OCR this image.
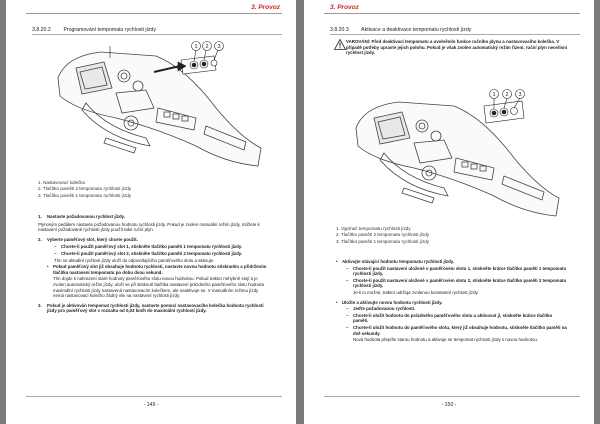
3. Provoz
3.8.20.2 Programování tempomatu rychlosti jízdy
1 2 3
1. Nastavovací kolečko
2. Tlačítko paměti 2 tempomatu rychlosti jízdy
3. Tlačítko paměti 1 tempomatu rychlosti jízdy
1.	Nastavte požadovanou rychlost jízdy.

Plynovým pedálem nastavte požadovanou hodnotu rychlosti jízdy. Pokud je zvolen manuální režim jízdy, můžete k nastavení požadované rychlosti jízdy použít také ruční plyn.

2.	Vyberte paměťový slot, který chcete použít.
–	Chcete-li použít paměťový slot 1, stiskněte tlačítko paměti 1 tempomatu rychlosti jízdy.
–	Chcete-li použít paměťový slot 2, stiskněte tlačítko paměti 2 tempomatu rychlosti jízdy.
Tím se aktuální rychlost jízdy uloží do odpovídajícího paměťového slotu a aktivuje.
•	Pokud paměťový slot již obsahuje hodnotu rychlosti, nastavte novou hodnotu stisknutím a přidržením tlačítka nastavení tempomatu po dobu dvou sekund.

Tím dojde k nahrazení staré hodnoty paměťového slotu novou hodnotou. Pokud traktor nehybně stojí a je zvolen automatický režim jízdy, uloží se při stisknutí tlačítka nastavení prázdného paměťového slotu hodnota maximální rychlosti jízdy nastavená nastavovacím kolečkem, ale neaktivuje se. V manuálním režimu jízdy nemá nastavovací kolečko žádný vliv na nastavení rychlosti jízdy.

3.	Pokud je aktivován tempomat rychlosti jízdy, nastavte pomocí nastavovacího kolečka hodnotu rychlosti jízdy pro paměťový slot v rozsahu od 0,03 km/h do maximální rychlosti jízdy.
- 149 -
3. Provoz
3.8.20.3 Aktivace a deaktivace tempomatu rychlosti jízdy
VAROVÁNÍ: Před deaktivací tempomatu a uvolněním funkce ručního plynu a nastavovacího kolečka. V případě potřeby upravte jejich polohu. Pokud je však zvolen automatický režim řízení, ruční plyn neovlivní rychlost jízdy.
1 2 3
1. Vypínač tempomatu rychlosti jízdy
2. Tlačítko paměti 2 tempomatu rychlosti jízdy
3. Tlačítko paměti 1 tempomatu rychlosti jízdy
•	Aktivujte stávající hodnotu tempomatu rychlosti jízdy.
–	Chcete-li použít nastavení uložené v paměťovém slotu 1, stiskněte krátce tlačítko paměti 1 tempomatu rychlosti jízdy.
–	Chcete-li použít nastavení uložené v paměťovém slotu 2, stiskněte krátce tlačítko paměti 2 tempomatu rychlosti jízdy.

Je-li to možné, traktor udržuje zvolenou konstantní rychlost jízdy.

•	Uložte a aktivujte novou hodnotu rychlosti jízdy.
–	Jeďte požadovanou rychlostí.
–	Chcete-li uložit hodnotu do prázdného paměťového slotu a aktivovat jí, stiskněte krátce tlačítko paměti.
–	Chcete-li uložit hodnotu do paměťového slotu, který již obsahuje hodnotu, stiskněte tlačítko paměti na dvě sekundy.

Nová hodnota přepíše starou hodnotu a aktivuje se tempomat rychlosti jízdy s novou hodnotou.

- 150 -
